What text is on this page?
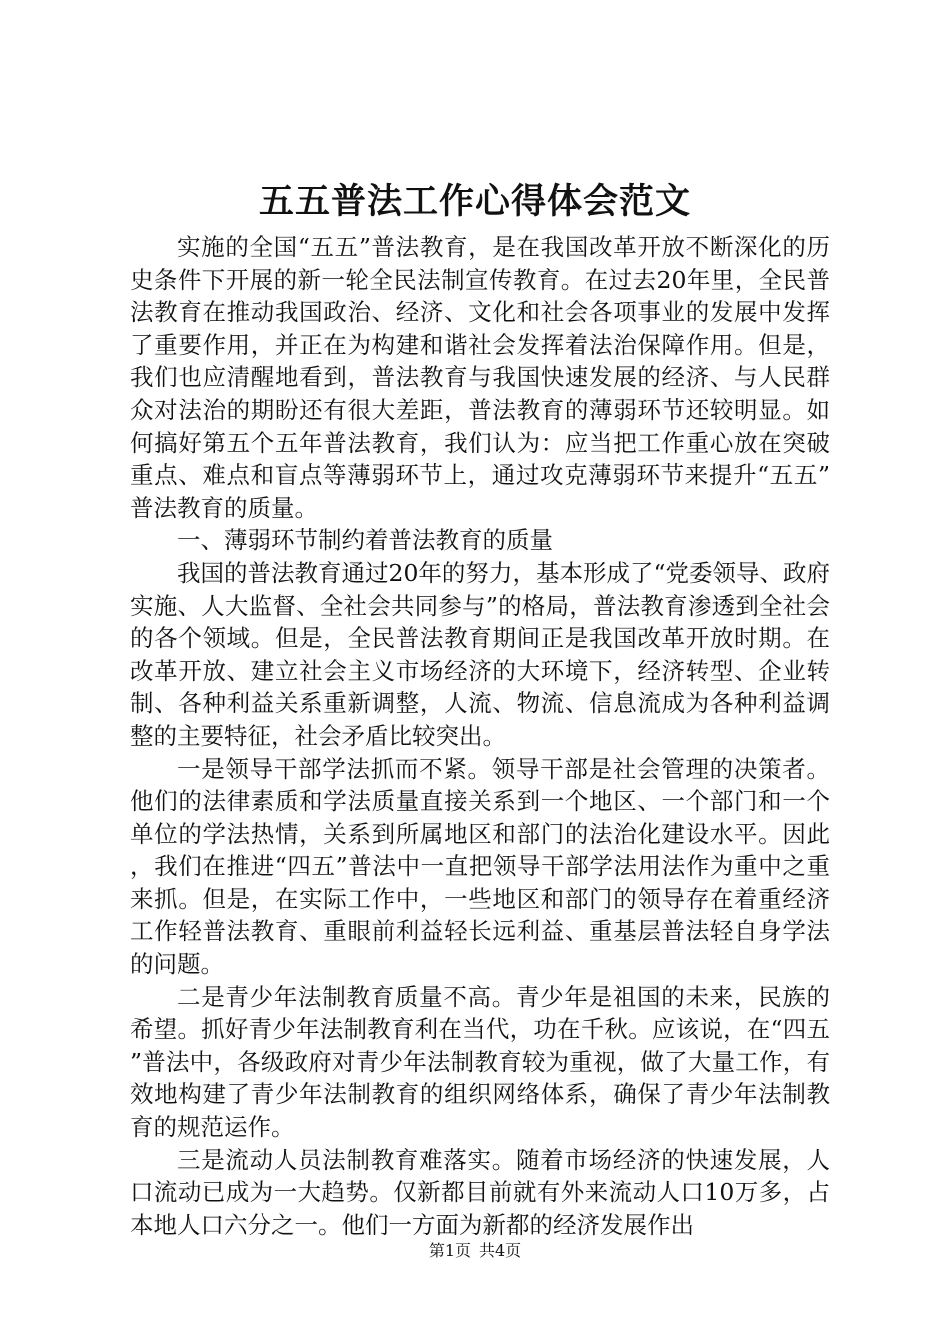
五五普法工作心得体会范文

实施的全国“五五”普法教育，是在我国改革开放不断深化的历史条件下开展的新一轮全民法制宣传教育。在过去20年里，全民普法教育在推动我国政治、经济、文化和社会各项事业的发展中发挥了重要作用，并正在为构建和谐社会发挥着法治保障作用。但是，我们也应清醒地看到，普法教育与我国快速发展的经济、与人民群众对法治的期盼还有很大差距，普法教育的薄弱环节还较明显。如何搞好第五个五年普法教育，我们认为：应当把工作重心放在突破重点、难点和盲点等薄弱环节上，通过攻克薄弱环节来提升“五五”普法教育的质量。

一、薄弱环节制约着普法教育的质量

我国的普法教育通过20年的努力，基本形成了“党委领导、政府实施、人大监督、全社会共同参与”的格局，普法教育渗透到全社会的各个领域。但是，全民普法教育期间正是我国改革开放时期。在改革开放、建立社会主义市场经济的大环境下，经济转型、企业转制、各种利益关系重新调整，人流、物流、信息流成为各种利益调整的主要特征，社会矛盾比较突出。

一是领导干部学法抓而不紧。领导干部是社会管理的决策者。他们的法律素质和学法质量直接关系到一个地区、一个部门和一个单位的学法热情，关系到所属地区和部门的法治化建设水平。因此，我们在推进“四五”普法中一直把领导干部学法用法作为重中之重来抓。但是，在实际工作中，一些地区和部门的领导存在着重经济工作轻普法教育、重眼前利益轻长远利益、重基层普法轻自身学法的问题。

二是青少年法制教育质量不高。青少年是祖国的未来，民族的希望。抓好青少年法制教育利在当代，功在千秋。应该说，在“四五”普法中，各级政府对青少年法制教育较为重视，做了大量工作，有效地构建了青少年法制教育的组织网络体系，确保了青少年法制教育的规范运作。

三是流动人员法制教育难落实。随着市场经济的快速发展，人口流动已成为一大趋势。仅新都目前就有外来流动人口10万多，占本地人口六分之一。他们一方面为新都的经济发展作出

第1页 共4页
